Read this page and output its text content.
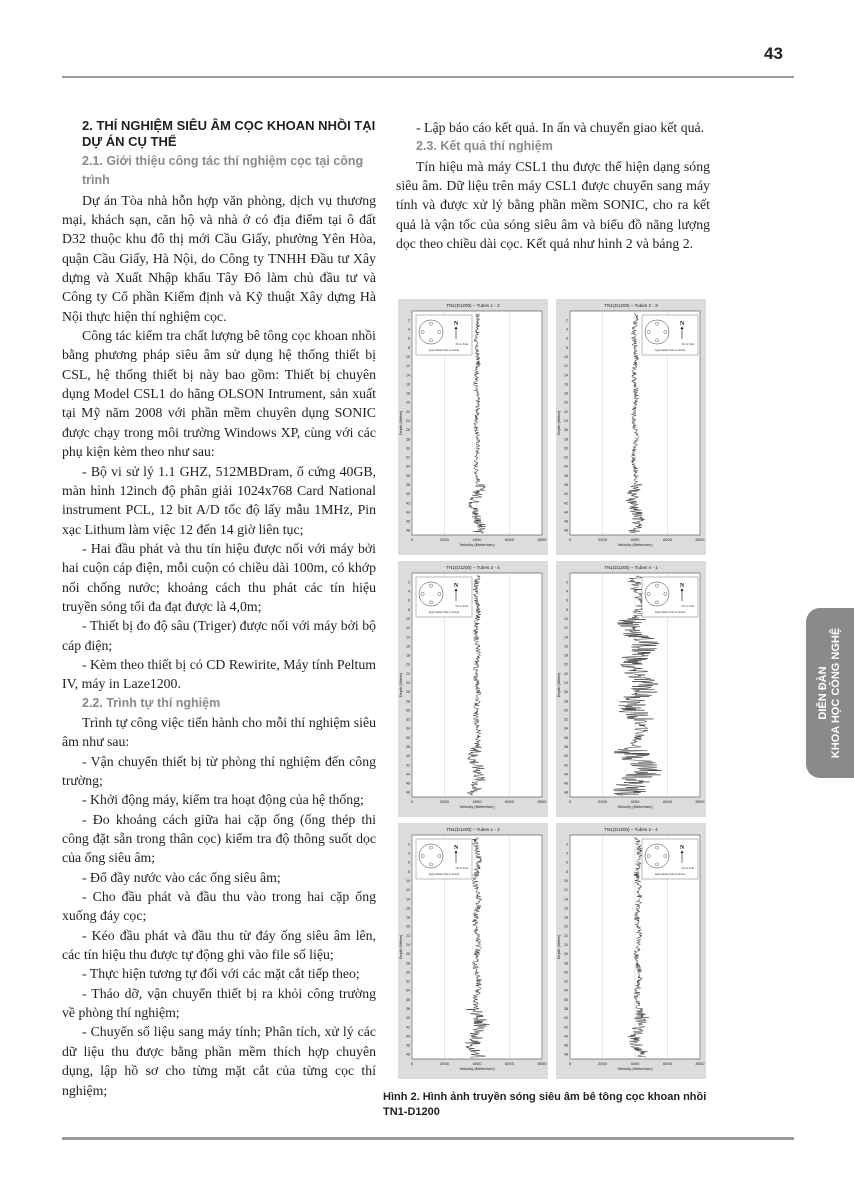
43
2. THÍ NGHIỆM SIÊU ÂM CỌC KHOAN NHỒI TẠI DỰ ÁN CỤ THỂ
2.1. Giới thiệu công tác thí nghiệm cọc tại công trình

Dự án Tòa nhà hỗn hợp văn phòng, dịch vụ thương mại, khách sạn, căn hộ và nhà ở có địa điểm tại ô đất D32 thuộc khu đô thị mới Cầu Giấy, phường Yên Hòa, quận Cầu Giấy, Hà Nội, do Công ty TNHH Đầu tư Xây dựng và Xuất Nhập khẩu Tây Đô làm chủ đầu tư và Công ty Cổ phần Kiểm định và Kỹ thuật Xây dựng Hà Nội thực hiện thí nghiệm cọc.

Công tác kiểm tra chất lượng bê tông cọc khoan nhồi bằng phương pháp siêu âm sử dụng hệ thống thiết bị CSL, hệ thống thiết bị này bao gồm: Thiết bị chuyên dụng Model CSL1 do hãng OLSON Intrument, sản xuất tại Mỹ năm 2008 với phần mềm chuyên dụng SONIC được chạy trong môi trường Windows XP, cùng với các phụ kiện kèm theo như sau:

- Bộ vi sử lý 1.1 GHZ, 512MBDram, ổ cứng 40GB, màn hình 12inch độ phân giải 1024x768 Card National instrument PCL, 12 bit A/D tốc độ lấy mẫu 1MHz, Pin xạc Lithum làm việc 12 đến 14 giờ liên tục;

- Hai đầu phát và thu tín hiệu được nối với máy bởi hai cuộn cáp điện, mỗi cuộn có chiều dài 100m, có khớp nối chống nước; khoảng cách thu phát các tín hiệu truyền sóng tối đa đạt được là 4,0m;

- Thiết bị đo độ sâu (Triger) được nối với máy bởi bộ cáp điện;

- Kèm theo thiết bị có CD Rewirite, Máy tính Peltum IV, máy in Laze1200.

2.2. Trình tự thí nghiệm

Trình tự công việc tiến hành cho mỗi thí nghiệm siêu âm như sau:

- Vận chuyển thiết bị từ phòng thí nghiệm đến công trường;

- Khởi động máy, kiểm tra hoạt động của hệ thống;

- Đo khoảng cách giữa hai cặp ống (ống thép thi công đặt sẵn trong thân cọc) kiểm tra độ thông suốt dọc của ống siêu âm;

- Đổ đầy nước vào các ống siêu âm;

- Cho đầu phát và đầu thu vào trong hai cặp ống xuống đáy cọc;

- Kéo đầu phát và đầu thu từ đáy ống siêu âm lên, các tín hiệu thu được tự động ghi vào file số liệu;

- Thực hiện tương tự đối với các mặt cắt tiếp theo;

- Tháo dỡ, vận chuyển thiết bị ra khỏi công trường về phòng thí nghiệm;

- Chuyển số liệu sang máy tính; Phân tích, xử lý các dữ liệu thu được bằng phần mềm thích hợp chuyên dụng, lập hồ sơ cho từng mặt cắt của từng cọc thí nghiệm;

- Lập báo cáo kết quả. In ấn và chuyển giao kết quả.

2.3. Kết quả thí nghiệm

Tín hiệu mà máy CSL1 thu được thể hiện dạng sóng siêu âm. Dữ liệu trên máy CSL1 được chuyển sang máy tính và được xử lý bằng phần mềm SONIC, cho ra kết quả là vận tốc của sóng siêu âm và biểu đồ năng lượng dọc theo chiều dài cọc. Kết quả như hình 2 và bảng 2.

TN1(D1200) – Tubes 1 - 2
0	2000	4000	6000	8000
2
4
6
8
10
12
14
16
18
20
22
24
26
28
30
32
34
36
38
40
42
44
46
48
Velocity (Meter/sec)
Depth (Meter)
N
Not to Scale
Approximate Tube Locations
TN1(D1200) – Tubes 2 - 3
0	2000	4000	6000	8000
2
4
6
8
10
12
14
16
18
20
22
24
26
28
30
32
34
36
38
40
42
44
46
48
Velocity (Meter/sec)
Depth (Meter)
N
Not to Scale
Approximate Tube Locations
TN1(D1200) – Tubes 3 - 4
0	2000	4000	6000	8000
2
4
6
8
10
12
14
16
18
20
22
24
26
28
30
32
34
36
38
40
42
44
46
48
Velocity (Meter/sec)
Depth (Meter)
N
Not to Scale
Approximate Tube Locations
TN1(D1200) – Tubes 4 - 1
0	2000	4000	6000	8000
2
4
6
8
10
12
14
16
18
20
22
24
26
28
30
32
34
36
38
40
42
44
46
48
Velocity (Meter/sec)
Depth (Meter)
N
Not to Scale
Approximate Tube Locations
TN1(D1200) – Tubes 1 - 3
0	2000	4000	6000	8000
2
4
6
8
10
12
14
16
18
20
22
24
26
28
30
32
34
36
38
40
42
44
46
48
Velocity (Meter/sec)
Depth (Meter)
N
Not to Scale
Approximate Tube Locations
TN1(D1200) – Tubes 2 - 4
0	2000	4000	6000	8000
2
4
6
8
10
12
14
16
18
20
22
24
26
28
30
32
34
36
38
40
42
44
46
48
Velocity (Meter/sec)
Depth (Meter)
N
Not to Scale
Approximate Tube Locations
Hình 2. Hình ảnh truyền sóng siêu âm bê tông cọc khoan nhồi TN1-D1200
DIỄN ĐÀN KHOA HỌC CÔNG NGHỆ
